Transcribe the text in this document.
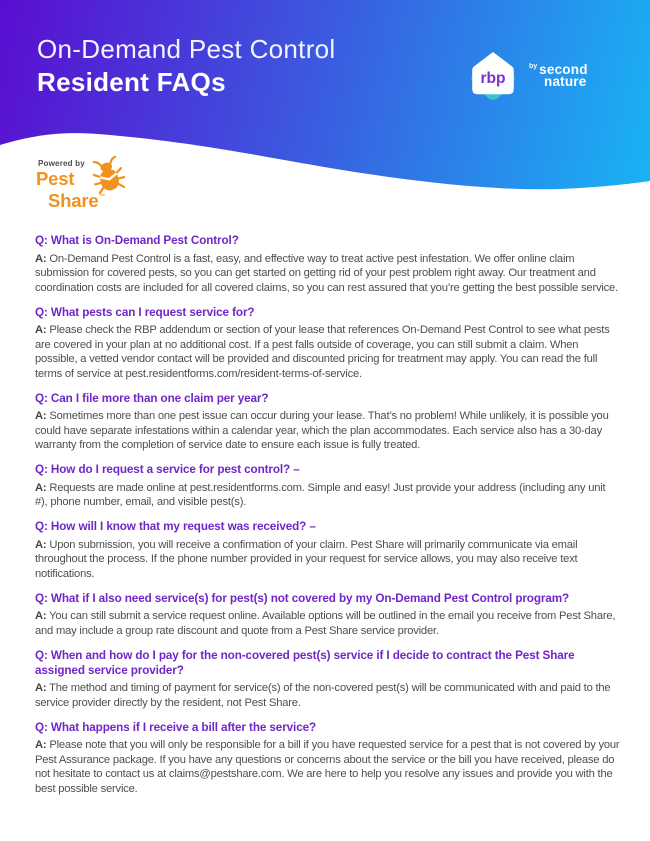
On-Demand Pest Control
Resident FAQs	rbp
$^{by}$ second
nature
Powered by
Pest
Share™
Q: What is On-Demand Pest Control?

A: On-Demand Pest Control is a fast, easy, and effective way to treat active pest infestation. We offer online claim submission for covered pests, so you can get started on getting rid of your pest problem right away. Our treatment and coordination costs are included for all covered claims, so you can rest assured that you’re getting the best possible service.

Q: What pests can I request service for?

A: Please check the RBP addendum or section of your lease that references On-Demand Pest Control to see what pests are covered in your plan at no additional cost. If a pest falls outside of coverage, you can still submit a claim. When possible, a vetted vendor contact will be provided and discounted pricing for treatment may apply. You can read the full terms of service at pest.residentforms.com/resident-terms-of-service.

Q: Can I file more than one claim per year?

A: Sometimes more than one pest issue can occur during your lease. That’s no problem! While unlikely, it is possible you could have separate infestations within a calendar year, which the plan accommodates. Each service also has a 30-day warranty from the completion of service date to ensure each issue is fully treated.

Q: How do I request a service for pest control? –

A: Requests are made online at pest.residentforms.com. Simple and easy! Just provide your address (including any unit #), phone number, email, and visible pest(s).

Q: How will I know that my request was received? –

A: Upon submission, you will receive a confirmation of your claim. Pest Share will primarily communicate via email throughout the process. If the phone number provided in your request for service allows, you may also receive text notifications.

Q: What if I also need service(s) for pest(s) not covered by my On-Demand Pest Control program?

A: You can still submit a service request online. Available options will be outlined in the email you receive from Pest Share, and may include a group rate discount and quote from a Pest Share service provider.

Q: When and how do I pay for the non-covered pest(s) service if I decide to contract the Pest Share assigned service provider?

A: The method and timing of payment for service(s) of the non-covered pest(s) will be communicated with and paid to the service provider directly by the resident, not Pest Share.

Q: What happens if I receive a bill after the service?

A: Please note that you will only be responsible for a bill if you have requested service for a pest that is not covered by your Pest Assurance package. If you have any questions or concerns about the service or the bill you have received, please do not hesitate to contact us at claims@pestshare.com. We are here to help you resolve any issues and provide you with the best possible service.
